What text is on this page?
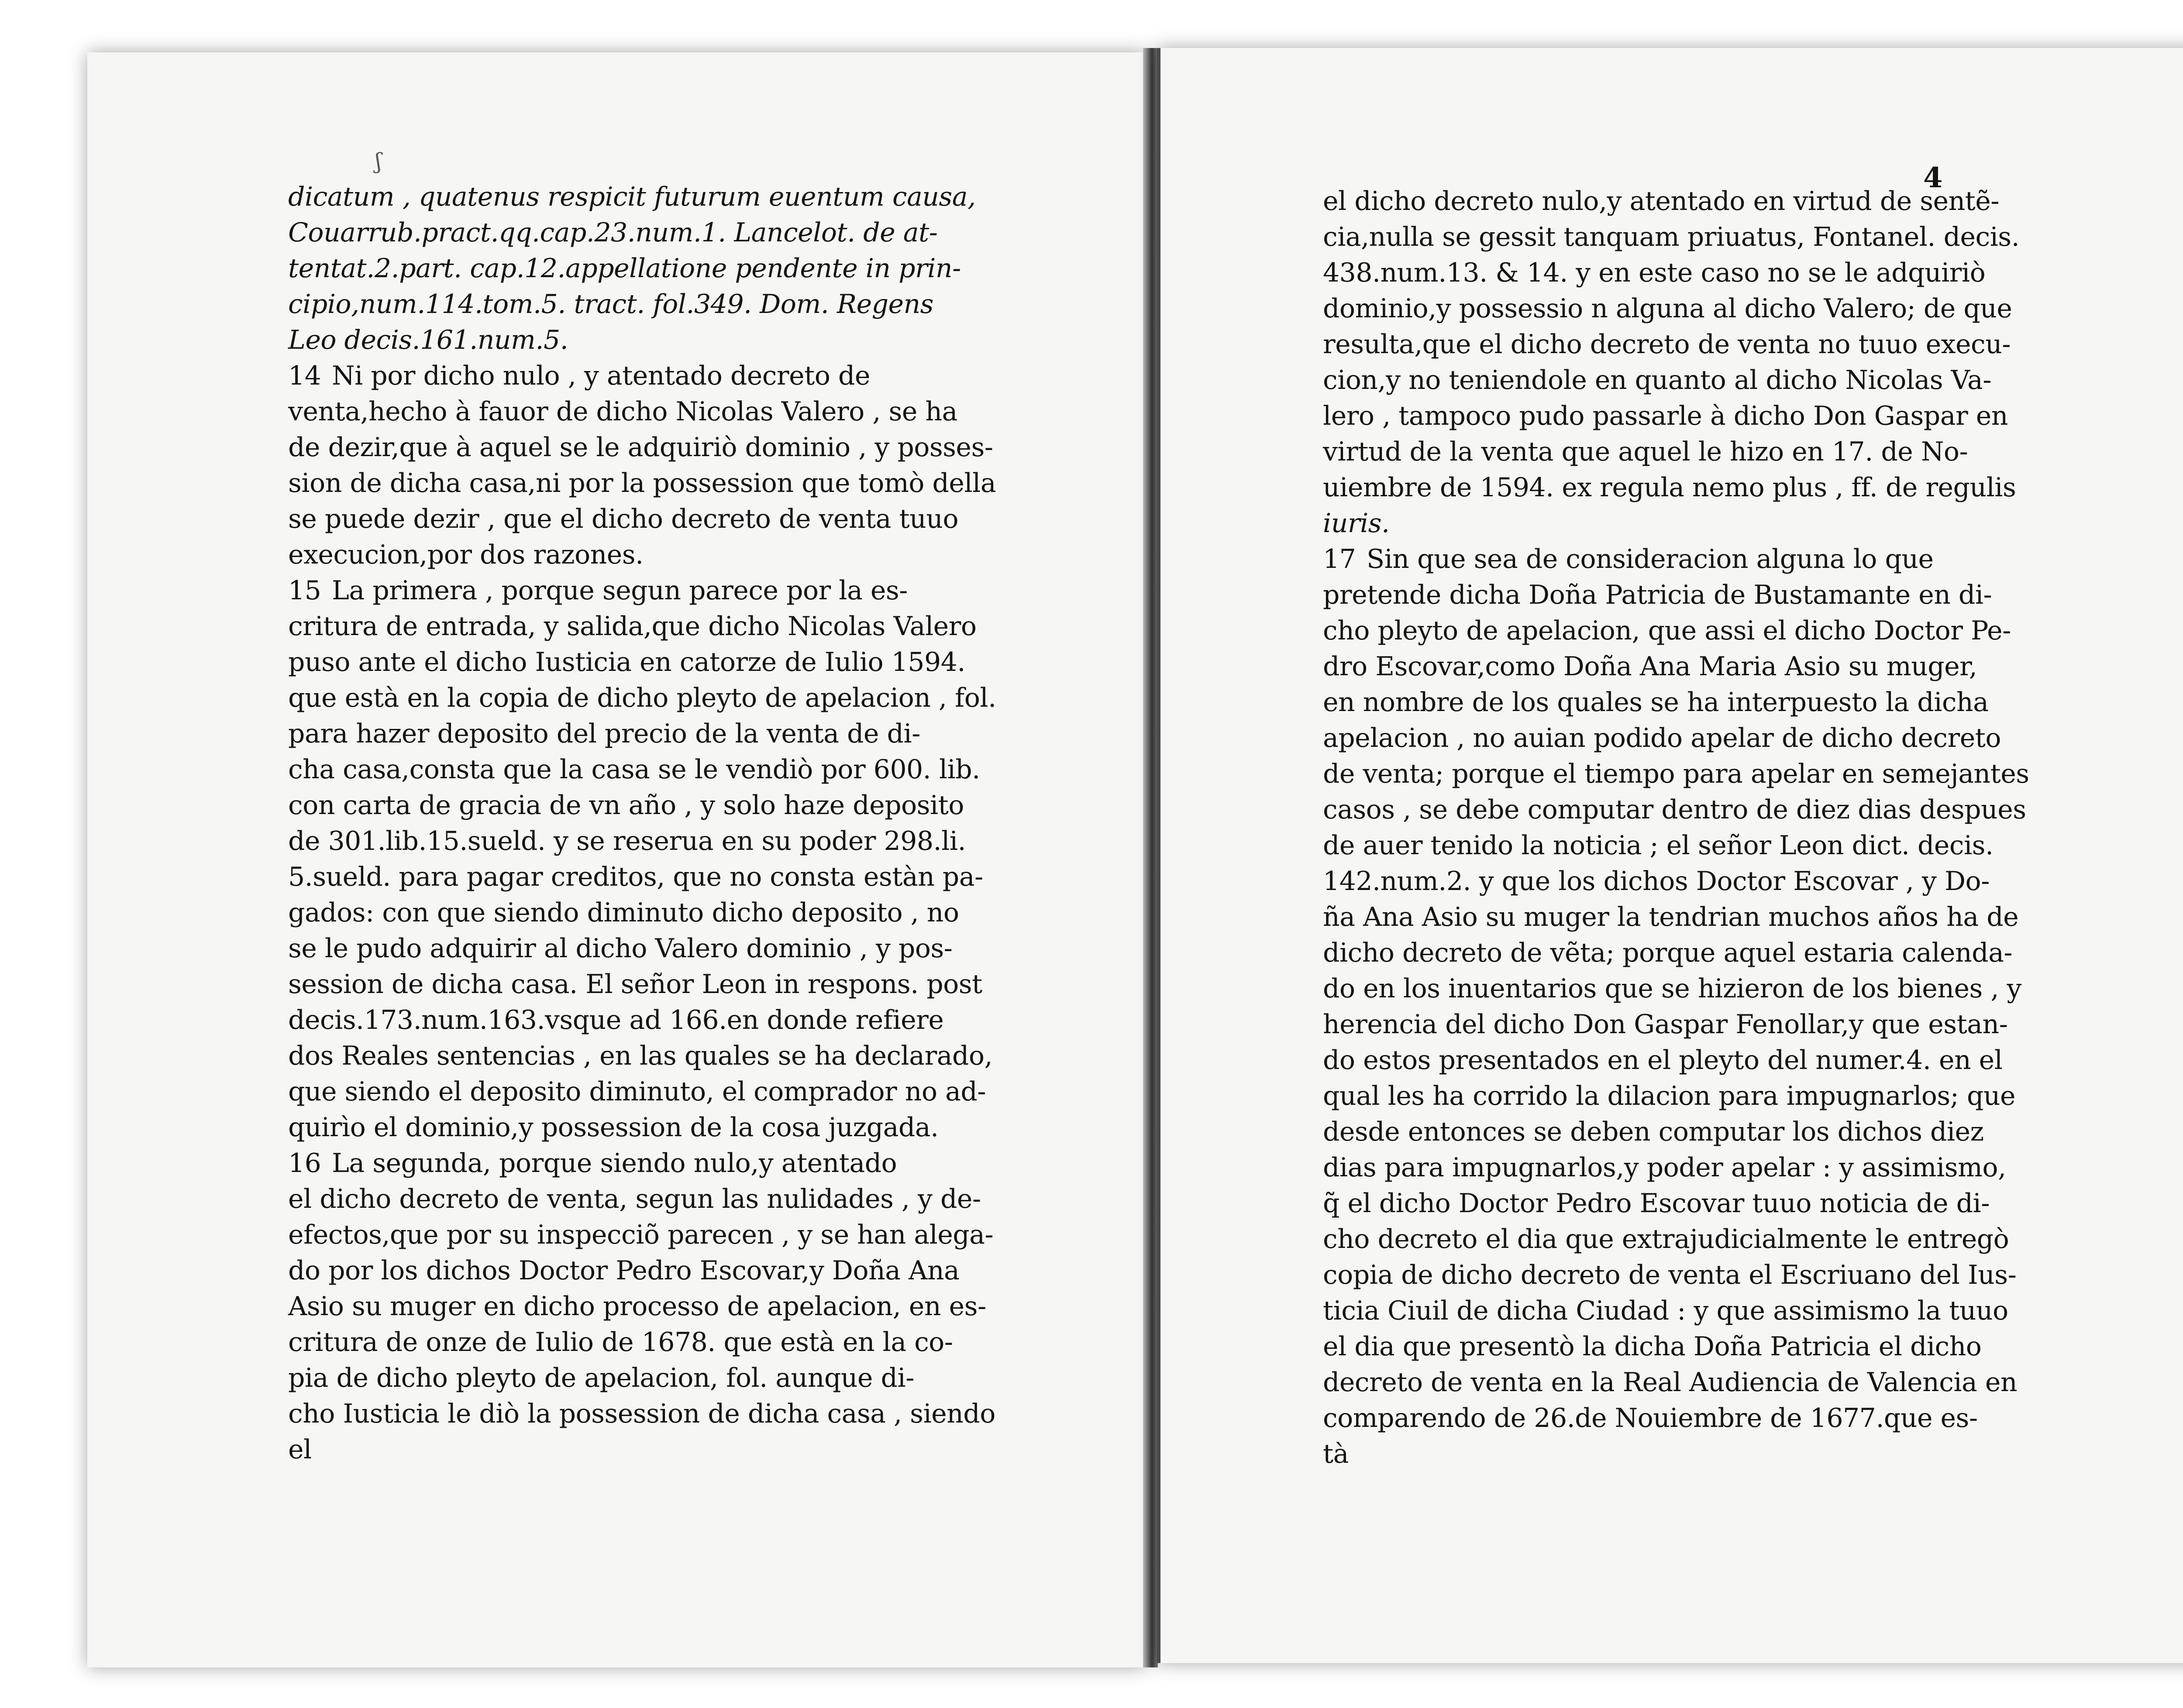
ʃ
dicatum , quatenus respicit futurum euentum causa,
Couarrub.pract.qq.cap.23.num.1. Lancelot. de at-
tentat.2.part. cap.12.appellatione pendente in prin-
cipio,num.114.tom.5. tract. fol.349. Dom. Regens
Leo decis.161.num.5.
14 Ni por dicho nulo , y atentado decreto de
venta,hecho à fauor de dicho Nicolas Valero , se ha
de dezir,que à aquel se le adquiriò dominio , y posses-
sion de dicha casa,ni por la possession que tomò della
se puede dezir , que el dicho decreto de venta tuuo
execucion,por dos razones.
15 La primera , porque segun parece por la es-
critura de entrada, y salida,que dicho Nicolas Valero
puso ante el dicho Iusticia en catorze de Iulio 1594.
que està en la copia de dicho pleyto de apelacion , fol.
para hazer deposito del precio de la venta de di-
cha casa,consta que la casa se le vendiò por 600. lib.
con carta de gracia de vn año , y solo haze deposito
de 301.lib.15.sueld. y se reserua en su poder 298.li.
5.sueld. para pagar creditos, que no consta estàn pa-
gados: con que siendo diminuto dicho deposito , no
se le pudo adquirir al dicho Valero dominio , y pos-
session de dicha casa. El señor Leon in respons. post
decis.173.num.163.vsque ad 166.en donde refiere
dos Reales sentencias , en las quales se ha declarado,
que siendo el deposito diminuto, el comprador no ad-
quirìo el dominio,y possession de la cosa juzgada.
16 La segunda, porque siendo nulo,y atentado
el dicho decreto de venta, segun las nulidades , y de-
efectos,que por su inspecciõ parecen , y se han alega-
do por los dichos Doctor Pedro Escovar,y Doña Ana
Asio su muger en dicho processo de apelacion, en es-
critura de onze de Iulio de 1678. que està en la co-
pia de dicho pleyto de apelacion, fol. aunque di-
cho Iusticia le diò la possession de dicha casa , siendo
el
4
el dicho decreto nulo,y atentado en virtud de sentẽ-
cia,nulla se gessit tanquam priuatus, Fontanel. decis.
438.num.13. & 14. y en este caso no se le adquiriò
dominio,y possessio n alguna al dicho Valero; de que
resulta,que el dicho decreto de venta no tuuo execu-
cion,y no teniendole en quanto al dicho Nicolas Va-
lero , tampoco pudo passarle à dicho Don Gaspar en
virtud de la venta que aquel le hizo en 17. de No-
uiembre de 1594. ex regula nemo plus , ff. de regulis
iuris.
17 Sin que sea de consideracion alguna lo que
pretende dicha Doña Patricia de Bustamante en di-
cho pleyto de apelacion, que assi el dicho Doctor Pe-
dro Escovar,como Doña Ana Maria Asio su muger,
en nombre de los quales se ha interpuesto la dicha
apelacion , no auian podido apelar de dicho decreto
de venta; porque el tiempo para apelar en semejantes
casos , se debe computar dentro de diez dias despues
de auer tenido la noticia ; el señor Leon dict. decis.
142.num.2. y que los dichos Doctor Escovar , y Do-
ña Ana Asio su muger la tendrian muchos años ha de
dicho decreto de vẽta; porque aquel estaria calenda-
do en los inuentarios que se hizieron de los bienes , y
herencia del dicho Don Gaspar Fenollar,y que estan-
do estos presentados en el pleyto del numer.4. en el
qual les ha corrido la dilacion para impugnarlos; que
desde entonces se deben computar los dichos diez
dias para impugnarlos,y poder apelar : y assimismo,
q̃ el dicho Doctor Pedro Escovar tuuo noticia de di-
cho decreto el dia que extrajudicialmente le entregò
copia de dicho decreto de venta el Escriuano del Ius-
ticia Ciuil de dicha Ciudad : y que assimismo la tuuo
el dia que presentò la dicha Doña Patricia el dicho
decreto de venta en la Real Audiencia de Valencia en
comparendo de 26.de Nouiembre de 1677.que es-
tà
